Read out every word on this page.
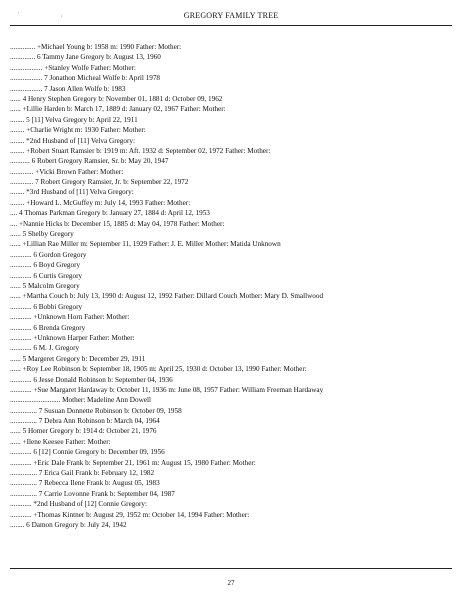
' ,	GREGORY FAMILY TREE
.............. +Michael Young b: 1958 m: 1990 Father: Mother:
.............. 6 Tammy Jane Gregory b: August 13, 1960
.................. +Stanley Wolfe Father: Mother:
.................. 7 Jonathon Micheal Wolfe b: April 1978
.................. 7 Jason Allen Wolfe b: 1983
...... 4 Henry Stephen Gregory b: November 01, 1881 d: October 09, 1962
...... +Lillie Harden b: March 17, 1889 d: January 02, 1967 Father: Mother:
........ 5 [11] Velva Gregory b: April 22, 1911
........ +Charlie Wright m: 1930 Father: Mother:
........ *2nd Husband of [11] Velva Gregory:
........ +Robert Stuart Ramsier b: 1919 m: Aft. 1932 d: September 02, 1972 Father: Mother:
........... 6 Robert Gregory Ramsier, Sr. b: May 20, 1947
............. +Vicki Brown Father: Mother:
............. 7 Robert Gregory Ramsier, Jr. b: September 22, 1972
........ *3rd Husband of [11] Velva Gregory:
........ +Howard L. McGuffey m: July 14, 1993 Father: Mother:
.... 4 Thomas Parkman Gregory b: January 27, 1884 d: April 12, 1953
.... +Nannie Hicks b: December 15, 1885 d: May 04, 1978 Father: Mother:
...... 5 Shelby Gregory
...... +Lillian Rae Miller m: September 11, 1929 Father: J. E. Miller Mother: Matida Unknown
............ 6 Gordon Gregory
............ 6 Boyd Gregory
............ 6 Curtis Gregory
...... 5 Malcolm Gregory
...... +Martha Couch b: July 13, 1990 d: August 12, 1992 Father: Dillard Couch Mother: Mary D. Smallwood
............ 6 Bobbi Gregory
............ +Unknown Horn Father: Mother:
............ 6 Brenda Gregory
............ +Unknown Harper Father: Mother:
............ 6 M. J. Gregory
...... 5 Margeret Gregory b: December 29, 1911
...... +Roy Lee Robinson b: September 18, 1905 m: April 25, 1930 d: October 13, 1990 Father: Mother:
............ 6 Jesse Donald Robinson b: September 04, 1936
............ +Sue Margaret Hardaway b: October 11, 1936 m: June 08, 1957 Father: William Freeman Hardaway
............................ Mother: Madeline Ann Dowell
............... 7 Susuan Donnette Robinson b: October 09, 1958
............... 7 Debra Ann Robinson b: March 04, 1964
...... 5 Homer Gregory b: 1914 d: October 21, 1976
...... +Ilene Keesee Father: Mother:
............ 6 [12] Connie Gregory b: December 09, 1956
............ +Eric Dale Frank b: September 21, 1961 m: August 15, 1980 Father: Mother:
............... 7 Erica Gail Frank b: February 12, 1982
............... 7 Rebecca Ilene Frank b: August 05, 1983
............... 7 Carrie Lovonne Frank b: September 04, 1987
............ *2nd Husband of [12] Connie Gregory:
............ +Thomas Kintner b: August 29, 1952 m: October 14, 1994 Father: Mother:
........ 6 Damon Gregory b: July 24, 1942
27
